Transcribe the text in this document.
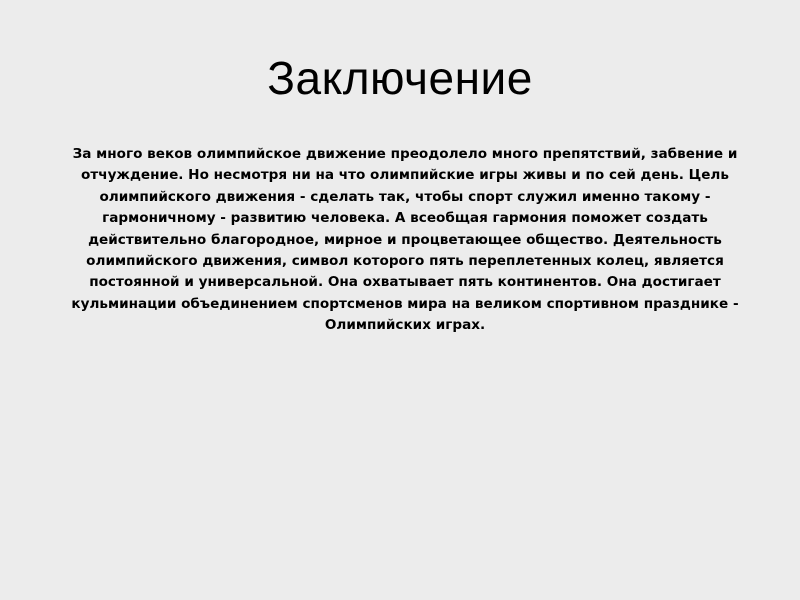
Заключение

За много веков олимпийское движение преодолело много препятствий, забвение и отчуждение. Но несмотря ни на что олимпийские игры живы и по сей день. Цель олимпийского движения - сделать так, чтобы спорт служил именно такому - гармоничному - развитию человека. А всеобщая гармония поможет создать действительно благородное, мирное и процветающее общество. Деятельность олимпийского движения, символ которого пять переплетенных колец, является постоянной и универсальной. Она охватывает пять континентов. Она достигает кульминации объединением спортсменов мира на великом спортивном празднике - Олимпийских играх.
